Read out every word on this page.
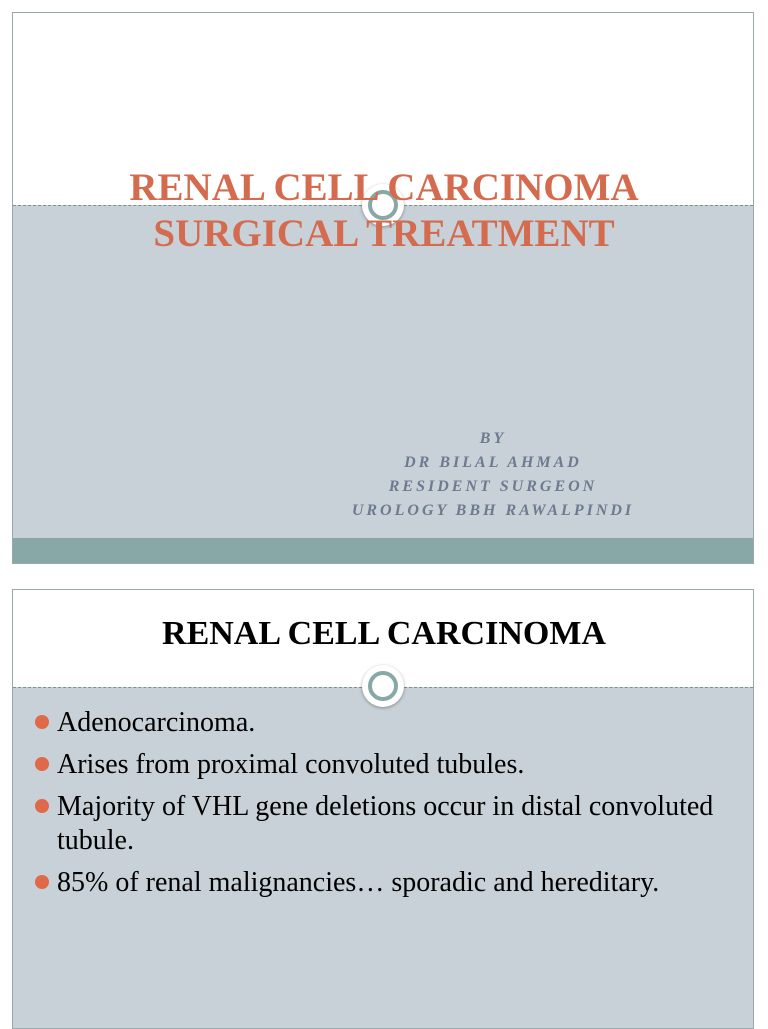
RENAL CELL CARCINOMA
SURGICAL TREATMENT

BY
DR BILAL AHMAD
RESIDENT SURGEON
UROLOGY BBH RAWALPINDI

RENAL CELL CARCINOMA
Adenocarcinoma.
Arises from proximal convoluted tubules.
Majority of VHL gene deletions occur in distal convoluted tubule.
85% of renal malignancies… sporadic and hereditary.
